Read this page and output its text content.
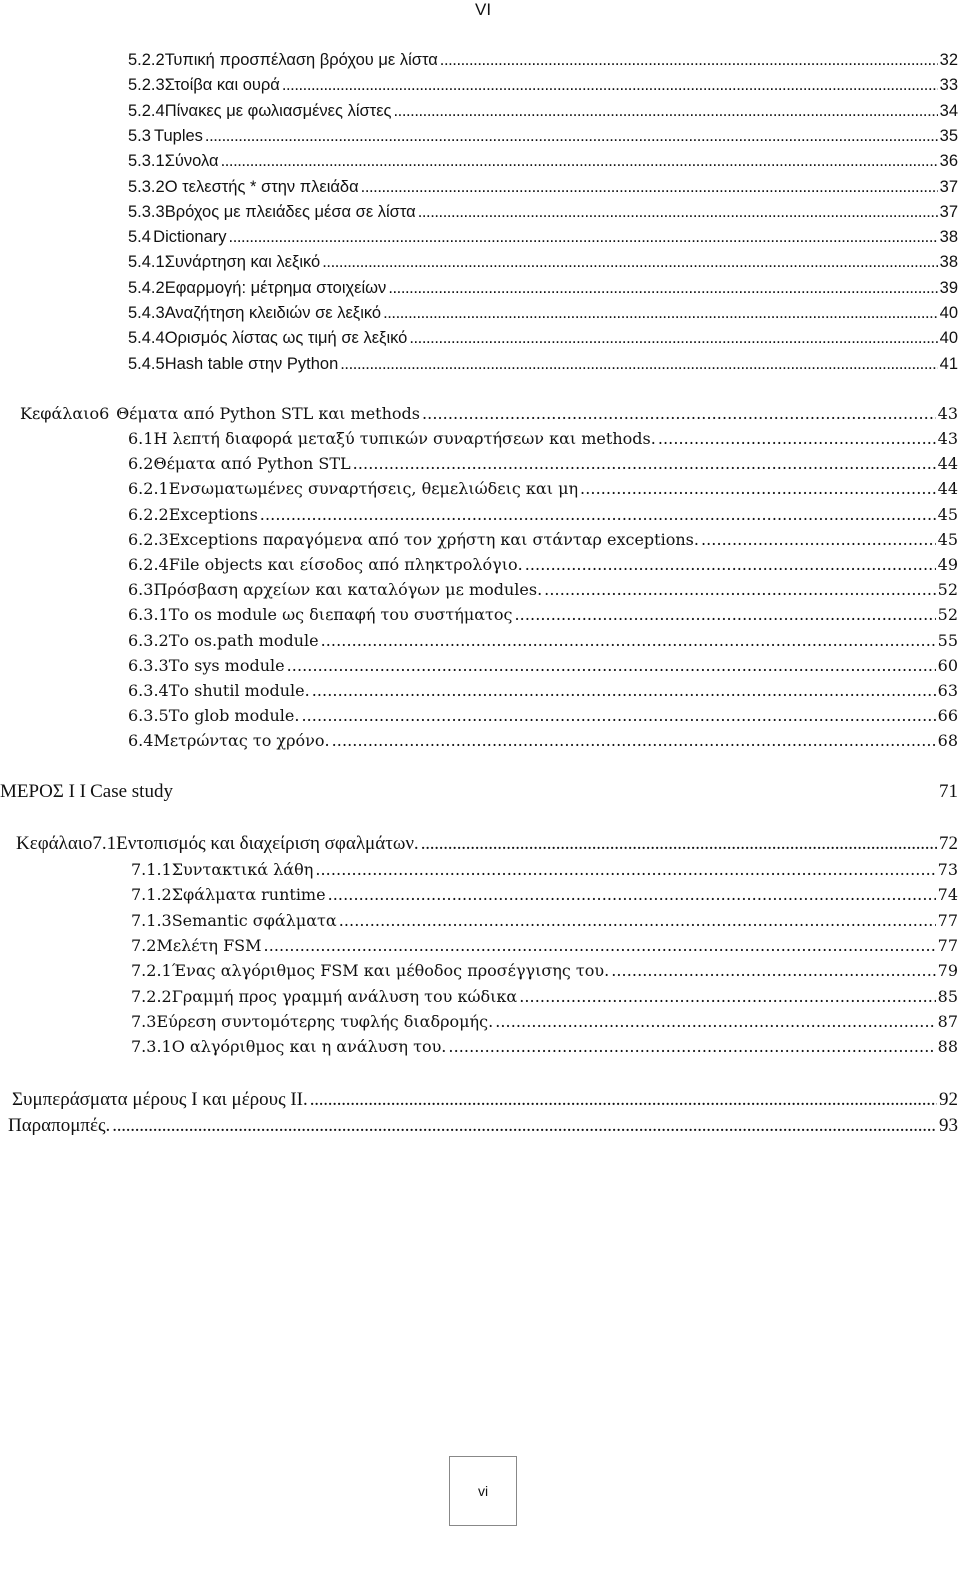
VI
5.2.2 Τυπική προσπέλαση βρόχου με λίστα . . .	32
5.2.3 Στοίβα και ουρά . . .	33
5.2.4 Πίνακες με φωλιασμένες λίστες . . .	34
5.3 Tuples . . .	35
5.3.1 Σύνολα . . .	36
5.3.2 Ο τελεστής * στην πλειάδα . . .	37
5.3.3 Βρόχος με πλειάδες μέσα σε λίστα . . .	37
5.4 Dictionary . . .	38
5.4.1 Συνάρτηση και λεξικό . . .	38
5.4.2 Εφαρμογή: μέτρημα στοιχείων . . .	39
5.4.3 Αναζήτηση κλειδιών σε λεξικό . . .	40
5.4.4 Ορισμός λίστας ως τιμή σε λεξικό . . .	40
5.4.5 Hash table στην Python . . .	41
Κεφάλαιο 6 Θέματα από Python STL και methods . . .	43
6.1 Η λεπτή διαφορά μεταξύ τυπικών συναρτήσεων και methods. . . .	43
6.2 Θέματα από Python STL . . .	44
6.2.1 Ενσωματωμένες συναρτήσεις, θεμελιώδεις και μη . . .	44
6.2.2 Exceptions . . .	45
6.2.3 Exceptions παραγόμενα από τον χρήστη και στάνταρ exceptions. . . .	45
6.2.4 File objects και είσοδος από πληκτρολόγιο. . . .	49
6.3 Πρόσβαση αρχείων και καταλόγων με modules. . . .	52
6.3.1 Το os module ως διεπαφή του συστήματος . . .	52
6.3.2 Το os.path module . . .	55
6.3.3 Το sys module . . .	60
6.3.4 Το shutil module. . . .	63
6.3.5 Το glob module. . . .	66
6.4 Μετρώντας το χρόνο. . . .	68
ΜΕΡΟΣ Ι Ι Case study	71
Κεφάλαιο 7.1 Εντοπισμός και διαχείριση σφαλμάτων. . . .	72
7.1.1 Συντακτικά λάθη . . .	73
7.1.2 Σφάλματα runtime . . .	74
7.1.3 Semantic σφάλματα . . .	77
7.2 Μελέτη FSM . . .	77
7.2.1 Ένας αλγόριθμος FSM και μέθοδος προσέγγισης του. . . .	79
7.2.2 Γραμμή προς γραμμή ανάλυση του κώδικα . . .	85
7.3 Εύρεση συντομότερης τυφλής διαδρομής. . . .	87
7.3.1 Ο αλγόριθμος και η ανάλυση του. . . .	88
Συμπεράσματα μέρους Ι και μέρους ΙΙ. . . .	92
Παραπομπές. . . .	93
vi
